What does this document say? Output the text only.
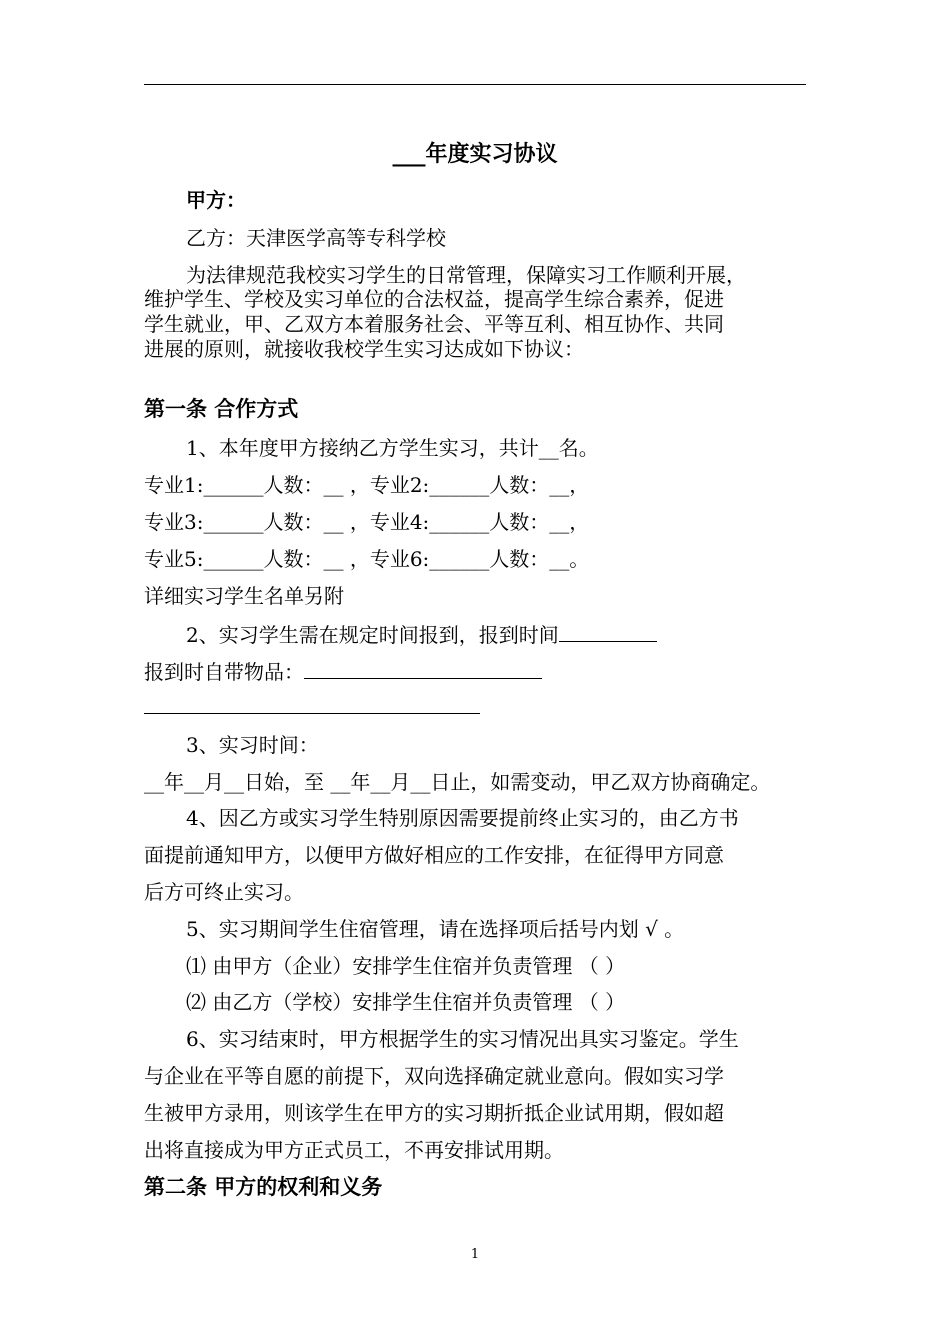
___年度实习协议
甲方：
乙方：天津医学高等专科学校
为法律规范我校实习学生的日常管理，保障实习工作顺利开展，
维护学生、学校及实习单位的合法权益，提高学生综合素养，促进
学生就业，甲、乙双方本着服务社会、平等互利、相互协作、共同
进展的原则，就接收我校学生实习达成如下协议：
第一条 合作方式
1、本年度甲方接纳乙方学生实习，共计__名。
专业1:______人数：__ ，专业2:______人数：__，
专业3:______人数：__ ，专业4:______人数：__，
专业5:______人数：__ ，专业6:______人数：__。
详细实习学生名单另附
2、实习学生需在规定时间报到，报到时间
报到时自带物品：
3、实习时间：
__年__月__日始，至 __年__月__日止，如需变动，甲乙双方协商确定。
4、因乙方或实习学生特别原因需要提前终止实习的，由乙方书
面提前通知甲方，以便甲方做好相应的工作安排，在征得甲方同意
后方可终止实习。
5、实习期间学生住宿管理，请在选择项后括号内划 √ 。
⑴ 由甲方（企业）安排学生住宿并负责管理 （ ）
⑵ 由乙方（学校）安排学生住宿并负责管理 （ ）
6、实习结束时，甲方根据学生的实习情况出具实习鉴定。学生
与企业在平等自愿的前提下，双向选择确定就业意向。假如实习学
生被甲方录用，则该学生在甲方的实习期折抵企业试用期，假如超
出将直接成为甲方正式员工，不再安排试用期。
第二条 甲方的权利和义务
1
